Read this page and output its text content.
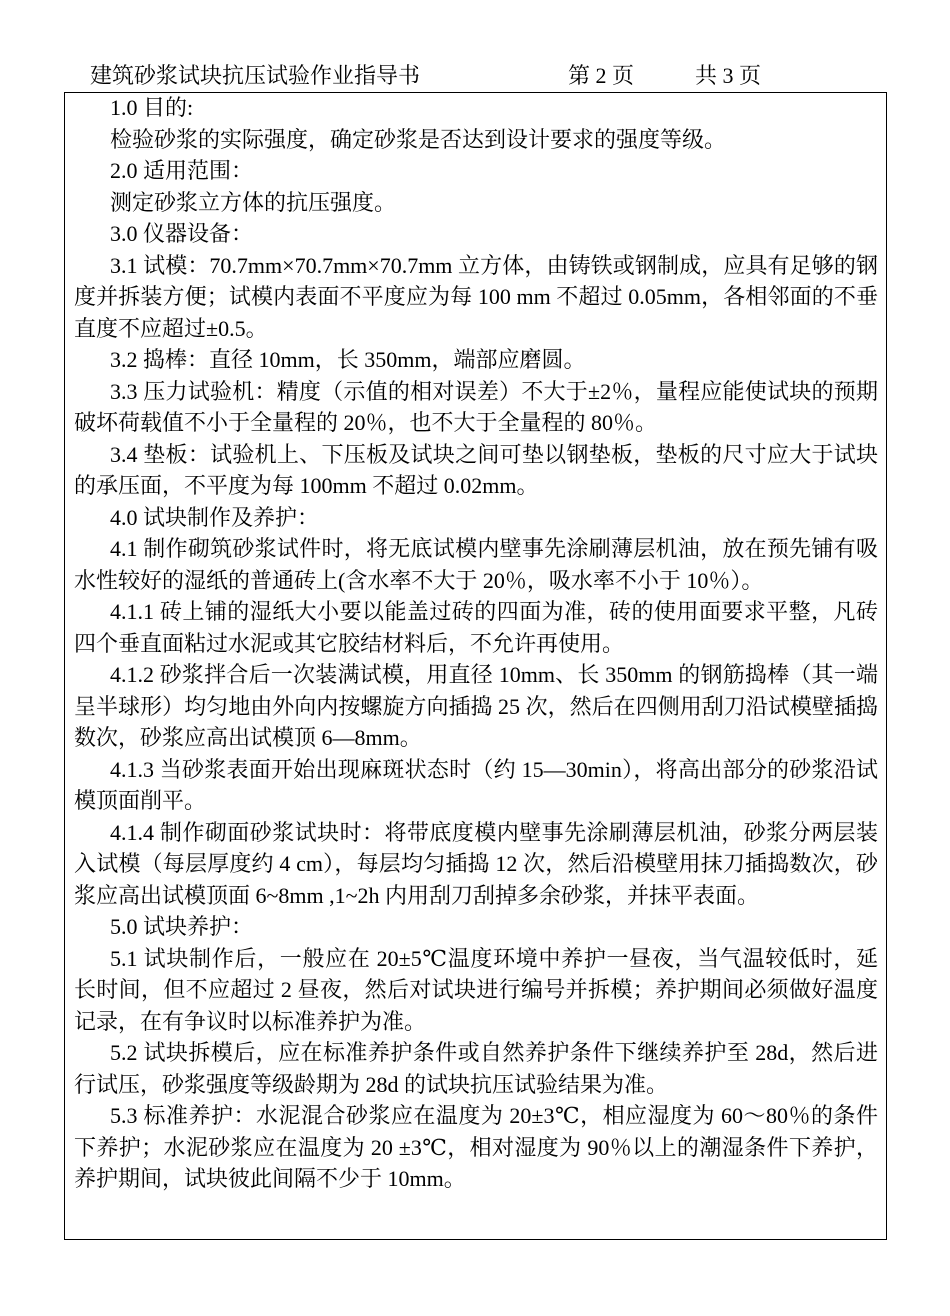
建筑砂浆试块抗压试验作业指导书	第 2 页	共 3 页

1.0 目的:

检验砂浆的实际强度，确定砂浆是否达到设计要求的强度等级。

2.0 适用范围：

测定砂浆立方体的抗压强度。

3.0 仪器设备：

3.1 试模：70.7mm×70.7mm×70.7mm 立方体，由铸铁或钢制成，应具有足够的钢度并拆装方便；试模内表面不平度应为每 100 mm 不超过 0.05mm，各相邻面的不垂直度不应超过±0.5。

3.2 捣棒：直径 10mm，长 350mm，端部应磨圆。

3.3 压力试验机：精度（示值的相对误差）不大于±2％，量程应能使试块的预期破坏荷载值不小于全量程的 20％，也不大于全量程的 80％。

3.4 垫板：试验机上、下压板及试块之间可垫以钢垫板，垫板的尺寸应大于试块的承压面，不平度为每 100mm 不超过 0.02mm。

4.0 试块制作及养护：

4.1 制作砌筑砂浆试件时，将无底试模内壁事先涂刷薄层机油，放在预先铺有吸水性较好的湿纸的普通砖上(含水率不大于 20％，吸水率不小于 10％）。

4.1.1 砖上铺的湿纸大小要以能盖过砖的四面为准，砖的使用面要求平整，凡砖四个垂直面粘过水泥或其它胶结材料后，不允许再使用。

4.1.2 砂浆拌合后一次装满试模，用直径 10mm、长 350mm 的钢筋捣棒（其一端呈半球形）均匀地由外向内按螺旋方向插捣 25 次，然后在四侧用刮刀沿试模壁插捣数次，砂浆应高出试模顶 6—8mm。

4.1.3 当砂浆表面开始出现麻斑状态时（约 15—30min），将高出部分的砂浆沿试模顶面削平。

4.1.4 制作砌面砂浆试块时：将带底度模内壁事先涂刷薄层机油，砂浆分两层装入试模（每层厚度约 4 cm），每层均匀插捣 12 次，然后沿模壁用抹刀插捣数次，砂浆应高出试模顶面 6~8mm ,1~2h 内用刮刀刮掉多余砂浆，并抹平表面。

5.0 试块养护：

5.1 试块制作后，一般应在 20±5℃温度环境中养护一昼夜，当气温较低时，延长时间，但不应超过 2 昼夜，然后对试块进行编号并拆模；养护期间必须做好温度记录，在有争议时以标准养护为准。

5.2 试块拆模后，应在标准养护条件或自然养护条件下继续养护至 28d，然后进行试压，砂浆强度等级龄期为 28d 的试块抗压试验结果为准。

5.3 标准养护：水泥混合砂浆应在温度为 20±3℃，相应湿度为 60～80％的条件下养护；水泥砂浆应在温度为 20 ±3℃，相对湿度为 90％以上的潮湿条件下养护，养护期间，试块彼此间隔不少于 10mm。
